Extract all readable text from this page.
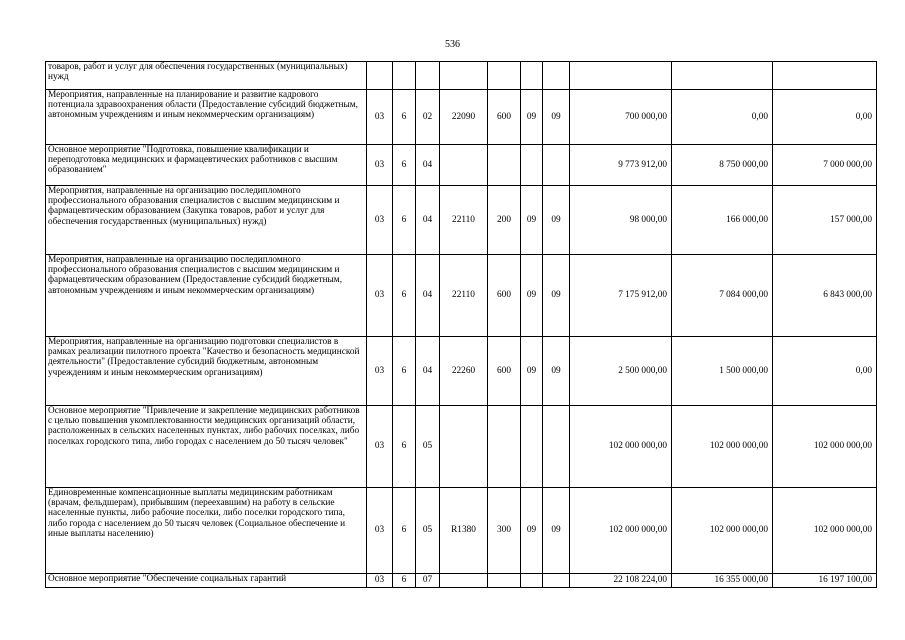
536
товаров, работ и услуг для обеспечения государственных (муниципальных) нужд										
Мероприятия, направленные на планирование и развитие кадрового потенциала здравоохранения области (Предоставление субсидий бюджетным, автономным учреждениям и иным некоммерческим организациям)	03	6	02	22090	600	09	09	700 000,00	0,00	0,00
Основное мероприятие "Подготовка, повышение квалификации и переподготовка медицинских и фармацевтических работников с высшим образованием"	03	6	04					9 773 912,00	8 750 000,00	7 000 000,00
Мероприятия, направленные на организацию последипломного профессионального образования специалистов с высшим медицинским и фармацевтическим образованием (Закупка товаров, работ и услуг для обеспечения государственных (муниципальных) нужд)	03	6	04	22110	200	09	09	98 000,00	166 000,00	157 000,00
Мероприятия, направленные на организацию последипломного профессионального образования специалистов с высшим медицинским и фармацевтическим образованием (Предоставление субсидий бюджетным, автономным учреждениям и иным некоммерческим организациям)	03	6	04	22110	600	09	09	7 175 912,00	7 084 000,00	6 843 000,00
Мероприятия, направленные на организацию подготовки специалистов в рамках реализации пилотного проекта "Качество и безопасность медицинской деятельности" (Предоставление субсидий бюджетным, автономным учреждениям и иным некоммерческим организациям)	03	6	04	22260	600	09	09	2 500 000,00	1 500 000,00	0,00
Основное мероприятие "Привлечение и закрепление медицинских работников с целью повышения укомплектованности медицинских организаций области, расположенных в сельских населенных пунктах, либо рабочих поселках, либо поселках городского типа, либо городах с населением до 50 тысяч человек"	03	6	05					102 000 000,00	102 000 000,00	102 000 000,00
Единовременные компенсационные выплаты медицинским работникам (врачам, фельдшерам), прибывшим (переехавшим) на работу в сельские населенные пункты, либо рабочие поселки, либо поселки городского типа, либо города с населением до 50 тысяч человек (Социальное обеспечение и иные выплаты населению)	03	6	05	R1380	300	09	09	102 000 000,00	102 000 000,00	102 000 000,00
Основное мероприятие "Обеспечение социальных гарантий	03	6	07					22 108 224,00	16 355 000,00	16 197 100,00
